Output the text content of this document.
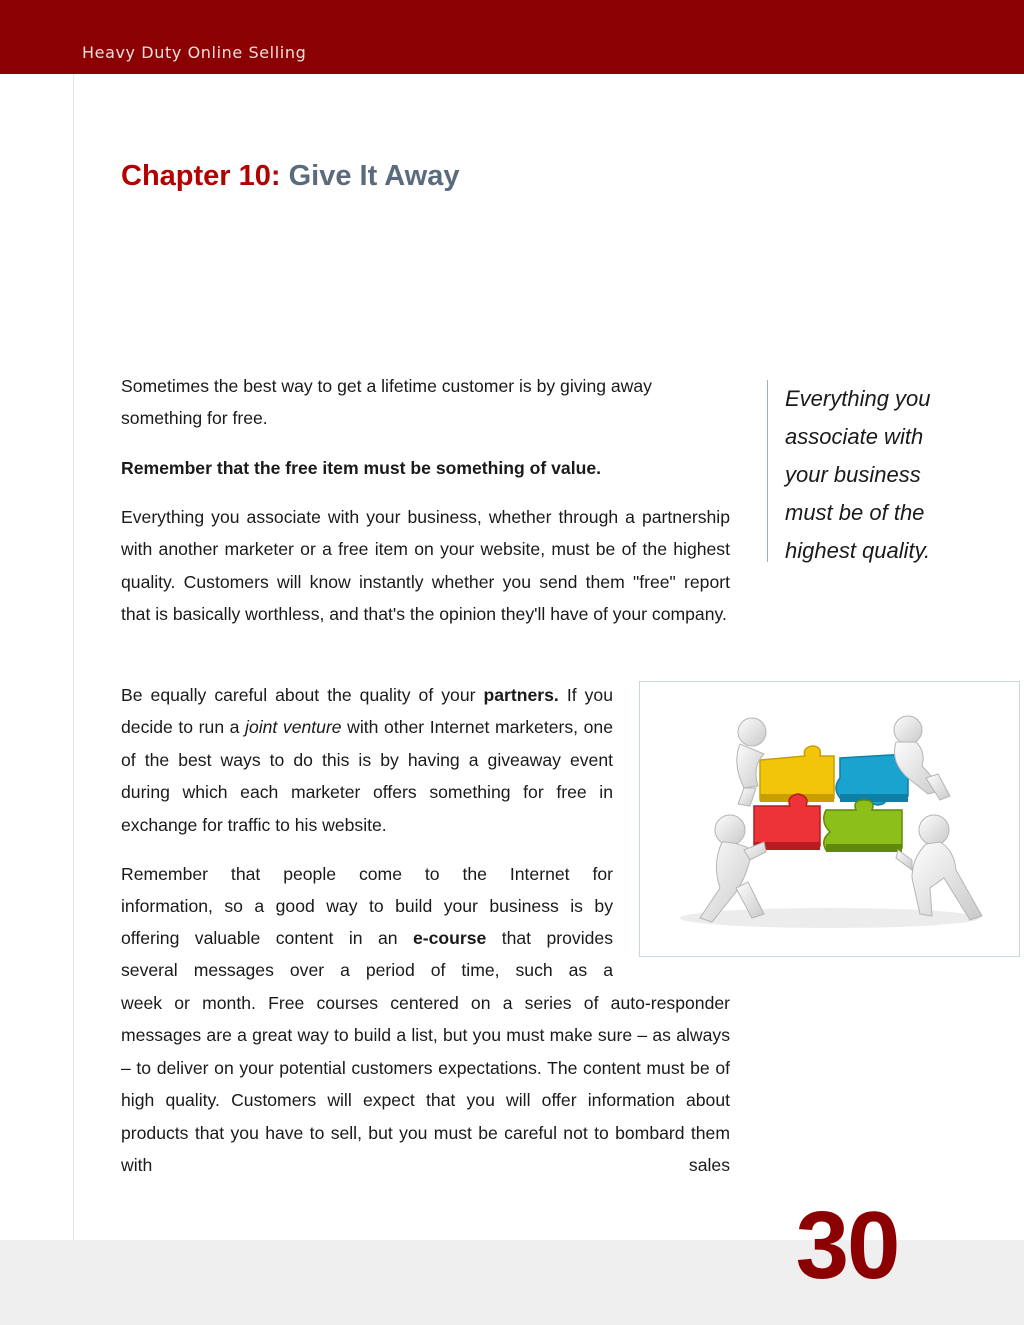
Heavy Duty Online Selling
Chapter 10: Give It Away

Sometimes the best way to get a lifetime customer is by giving away something for free.

Remember that the free item must be something of value.

Everything you associate with your business, whether through a partnership with another marketer or a free item on your website, must be of the highest quality. Customers will know instantly whether you send them "free" report that is basically worthless, and that's the opinion they'll have of your company.

Be equally careful about the quality of your partners. If you decide to run a joint venture with other Internet marketers, one of the best ways to do this is by having a giveaway event during which each marketer offers something for free in exchange for traffic to his website.

Remember that people come to the Internet for

information, so a good way to build your business is by

offering valuable content in an e-course that provides

several messages over a period of time, such as a

week or month. Free courses centered on a series of auto-responder messages are a great way to build a list, but you must make sure – as always – to deliver on your potential customers expectations. The content must be of high quality. Customers will expect that you will offer information about products that you have to sell, but you must be careful not to bombard them with sales

Everything you

associate with

your business

must be of the

highest quality.

30
